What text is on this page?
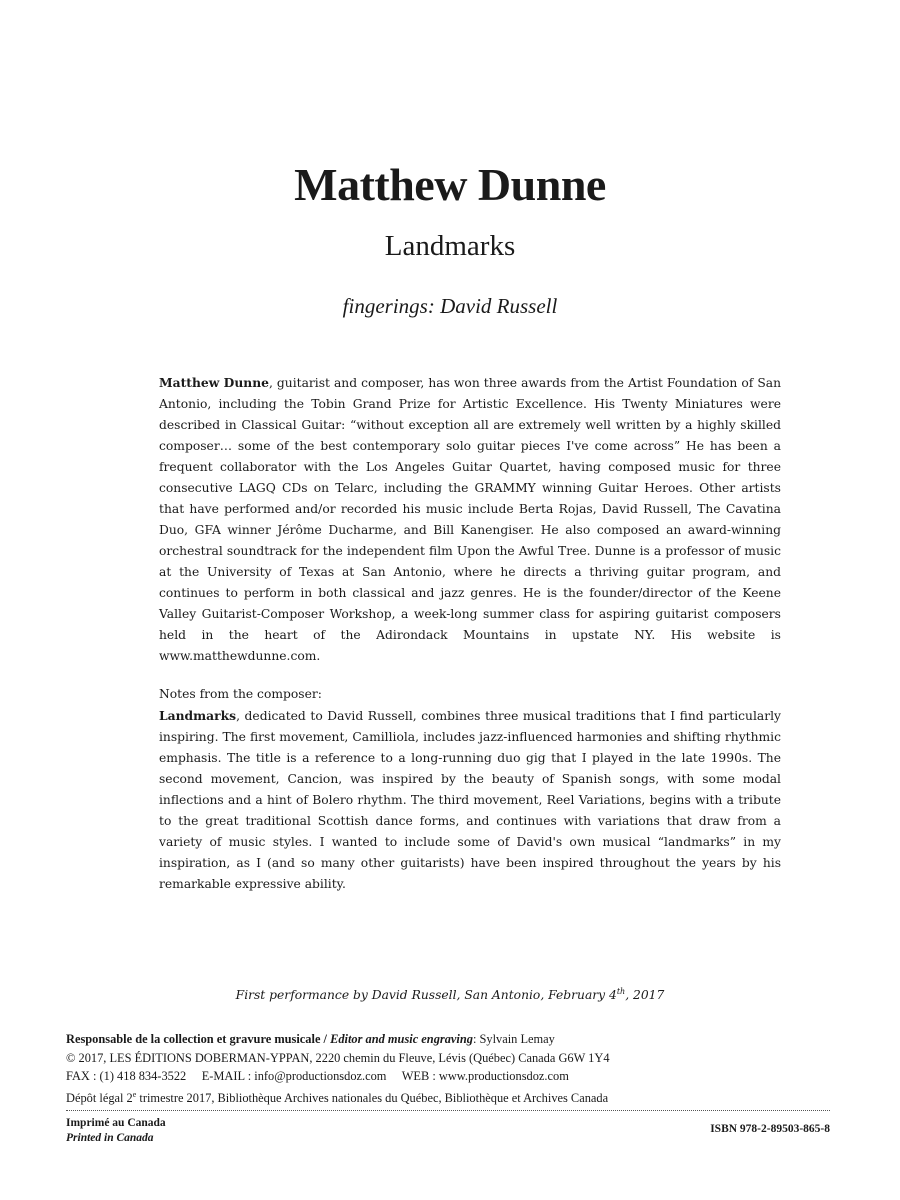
Matthew Dunne
Landmarks
fingerings: David Russell

Matthew Dunne, guitarist and composer, has won three awards from the Artist Foundation of San Antonio, including the Tobin Grand Prize for Artistic Excellence. His Twenty Miniatures were described in Classical Guitar: “without exception all are extremely well written by a highly skilled composer… some of the best contemporary solo guitar pieces I've come across” He has been a frequent collaborator with the Los Angeles Guitar Quartet, having composed music for three consecutive LAGQ CDs on Telarc, including the GRAMMY winning Guitar Heroes. Other artists that have performed and/or recorded his music include Berta Rojas, David Russell, The Cavatina Duo, GFA winner Jérôme Ducharme, and Bill Kanengiser. He also composed an award-winning orchestral soundtrack for the independent film Upon the Awful Tree. Dunne is a professor of music at the University of Texas at San Antonio, where he directs a thriving guitar program, and continues to perform in both classical and jazz genres. He is the founder/director of the Keene Valley Guitarist-Composer Workshop, a week-long summer class for aspiring guitarist composers held in the heart of the Adirondack Mountains in upstate NY. His website is www.matthewdunne.com.

Notes from the composer:

Landmarks, dedicated to David Russell, combines three musical traditions that I find particularly inspiring. The first movement, Camilliola, includes jazz-influenced harmonies and shifting rhythmic emphasis. The title is a reference to a long-running duo gig that I played in the late 1990s. The second movement, Cancion, was inspired by the beauty of Spanish songs, with some modal inflections and a hint of Bolero rhythm. The third movement, Reel Variations, begins with a tribute to the great traditional Scottish dance forms, and continues with variations that draw from a variety of music styles. I wanted to include some of David's own musical “landmarks” in my inspiration, as I (and so many other guitarists) have been inspired throughout the years by his remarkable expressive ability.

First performance by David Russell, San Antonio, February 4th, 2017
Responsable de la collection et gravure musicale / Editor and music engraving: Sylvain Lemay
© 2017, LES ÉDITIONS DOBERMAN-YPPAN, 2220 chemin du Fleuve, Lévis (Québec) Canada G6W 1Y4
FAX : (1) 418 834-3522     E-MAIL : info@productionsdoz.com     WEB : www.productionsdoz.com
Dépôt légal 2e trimestre 2017, Bibliothèque Archives nationales du Québec, Bibliothèque et Archives Canada
Imprimé au Canada
Printed in Canada
ISBN 978-2-89503-865-8
